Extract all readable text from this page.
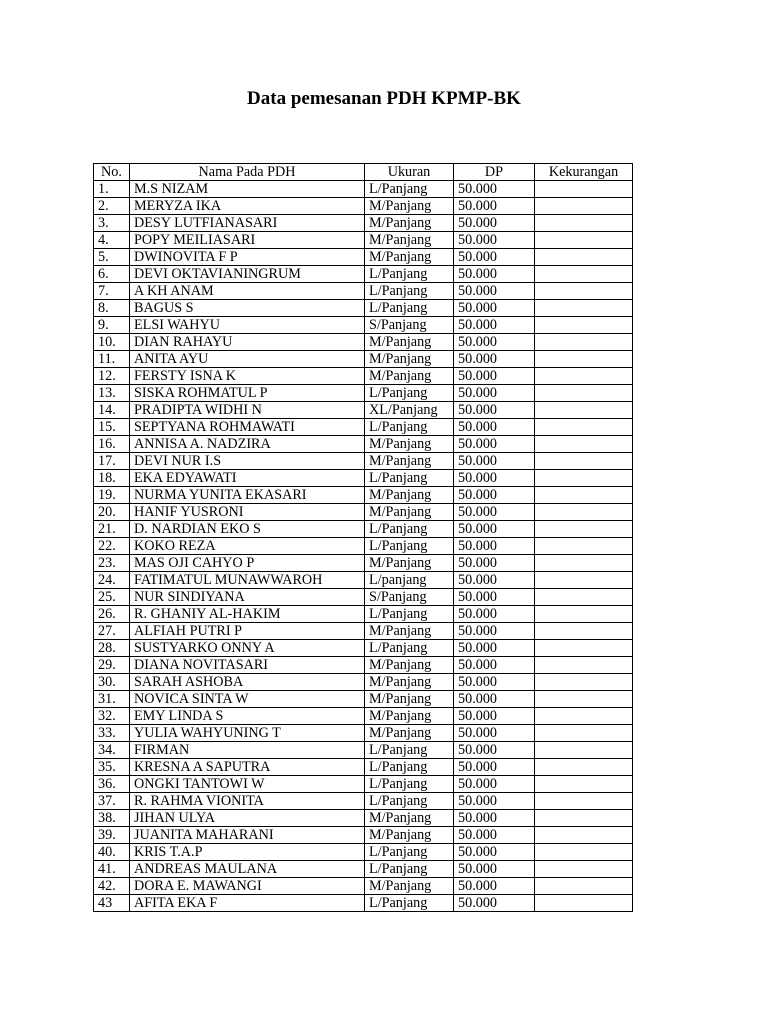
Data pemesanan PDH KPMP-BK
No.	Nama Pada PDH	Ukuran	DP	Kekurangan
1.	M.S NIZAM	L/Panjang	50.000	
2.	MERYZA IKA	M/Panjang	50.000	
3.	DESY LUTFIANASARI	M/Panjang	50.000	
4.	POPY MEILIASARI	M/Panjang	50.000	
5.	DWINOVITA F P	M/Panjang	50.000	
6.	DEVI OKTAVIANINGRUM	L/Panjang	50.000	
7.	A KH ANAM	L/Panjang	50.000	
8.	BAGUS S	L/Panjang	50.000	
9.	ELSI WAHYU	S/Panjang	50.000	
10.	DIAN RAHAYU	M/Panjang	50.000	
11.	ANITA AYU	M/Panjang	50.000	
12.	FERSTY ISNA K	M/Panjang	50.000	
13.	SISKA ROHMATUL P	L/Panjang	50.000	
14.	PRADIPTA WIDHI N	XL/Panjang	50.000	
15.	SEPTYANA ROHMAWATI	L/Panjang	50.000	
16.	ANNISA A. NADZIRA	M/Panjang	50.000	
17.	DEVI NUR I.S	M/Panjang	50.000	
18.	EKA EDYAWATI	L/Panjang	50.000	
19.	NURMA YUNITA EKASARI	M/Panjang	50.000	
20.	HANIF YUSRONI	M/Panjang	50.000	
21.	D. NARDIAN EKO S	L/Panjang	50.000	
22.	KOKO REZA	L/Panjang	50.000	
23.	MAS OJI CAHYO P	M/Panjang	50.000	
24.	FATIMATUL MUNAWWAROH	L/panjang	50.000	
25.	NUR SINDIYANA	S/Panjang	50.000	
26.	R. GHANIY AL-HAKIM	L/Panjang	50.000	
27.	ALFIAH PUTRI P	M/Panjang	50.000	
28.	SUSTYARKO ONNY A	L/Panjang	50.000	
29.	DIANA NOVITASARI	M/Panjang	50.000	
30.	SARAH ASHOBA	M/Panjang	50.000	
31.	NOVICA SINTA W	M/Panjang	50.000	
32.	EMY LINDA S	M/Panjang	50.000	
33.	YULIA WAHYUNING T	M/Panjang	50.000	
34.	FIRMAN	L/Panjang	50.000	
35.	KRESNA A SAPUTRA	L/Panjang	50.000	
36.	ONGKI TANTOWI W	L/Panjang	50.000	
37.	R. RAHMA VIONITA	L/Panjang	50.000	
38.	JIHAN ULYA	M/Panjang	50.000	
39.	JUANITA MAHARANI	M/Panjang	50.000	
40.	KRIS T.A.P	L/Panjang	50.000	
41.	ANDREAS MAULANA	L/Panjang	50.000	
42.	DORA E. MAWANGI	M/Panjang	50.000	
43	AFITA EKA F	L/Panjang	50.000	
